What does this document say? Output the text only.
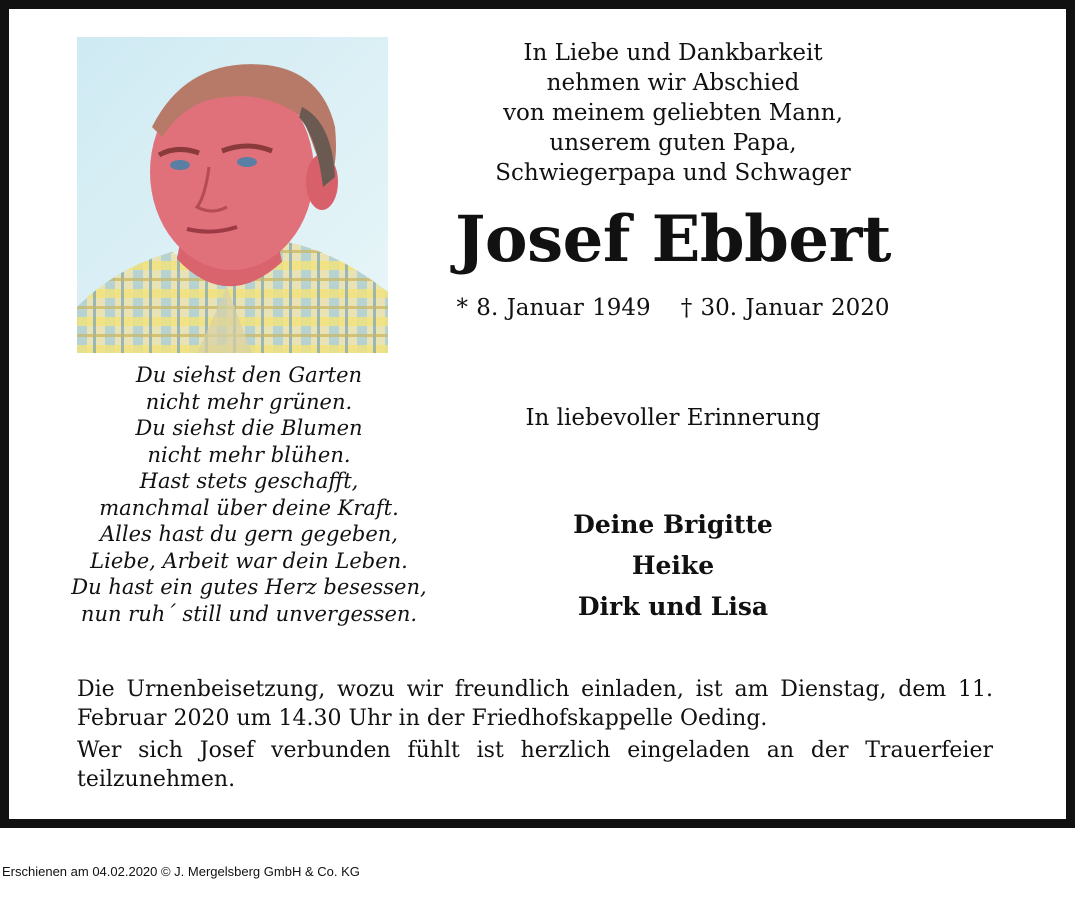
In Liebe und Dankbarkeit
nehmen wir Abschied
von meinem geliebten Mann,
unserem guten Papa,
Schwiegerpapa und Schwager
Josef Ebbert
* 8. Januar 1949 † 30. Januar 2020
Du siehst den Garten
nicht mehr grünen.
Du siehst die Blumen
nicht mehr blühen.
Hast stets geschafft,
manchmal über deine Kraft.
Alles hast du gern gegeben,
Liebe, Arbeit war dein Leben.
Du hast ein gutes Herz besessen,
nun ruh´ still und unvergessen.
In liebevoller Erinnerung
Deine Brigitte
Heike
Dirk und Lisa

Die Urnenbeisetzung, wozu wir freundlich einladen, ist am Dienstag, dem 11. Februar 2020 um 14.30 Uhr in der Friedhofskappelle Oeding.

Wer sich Josef verbunden fühlt ist herzlich eingeladen an der Trauerfeier teilzunehmen.

Erschienen am 04.02.2020 © J. Mergelsberg GmbH & Co. KG
